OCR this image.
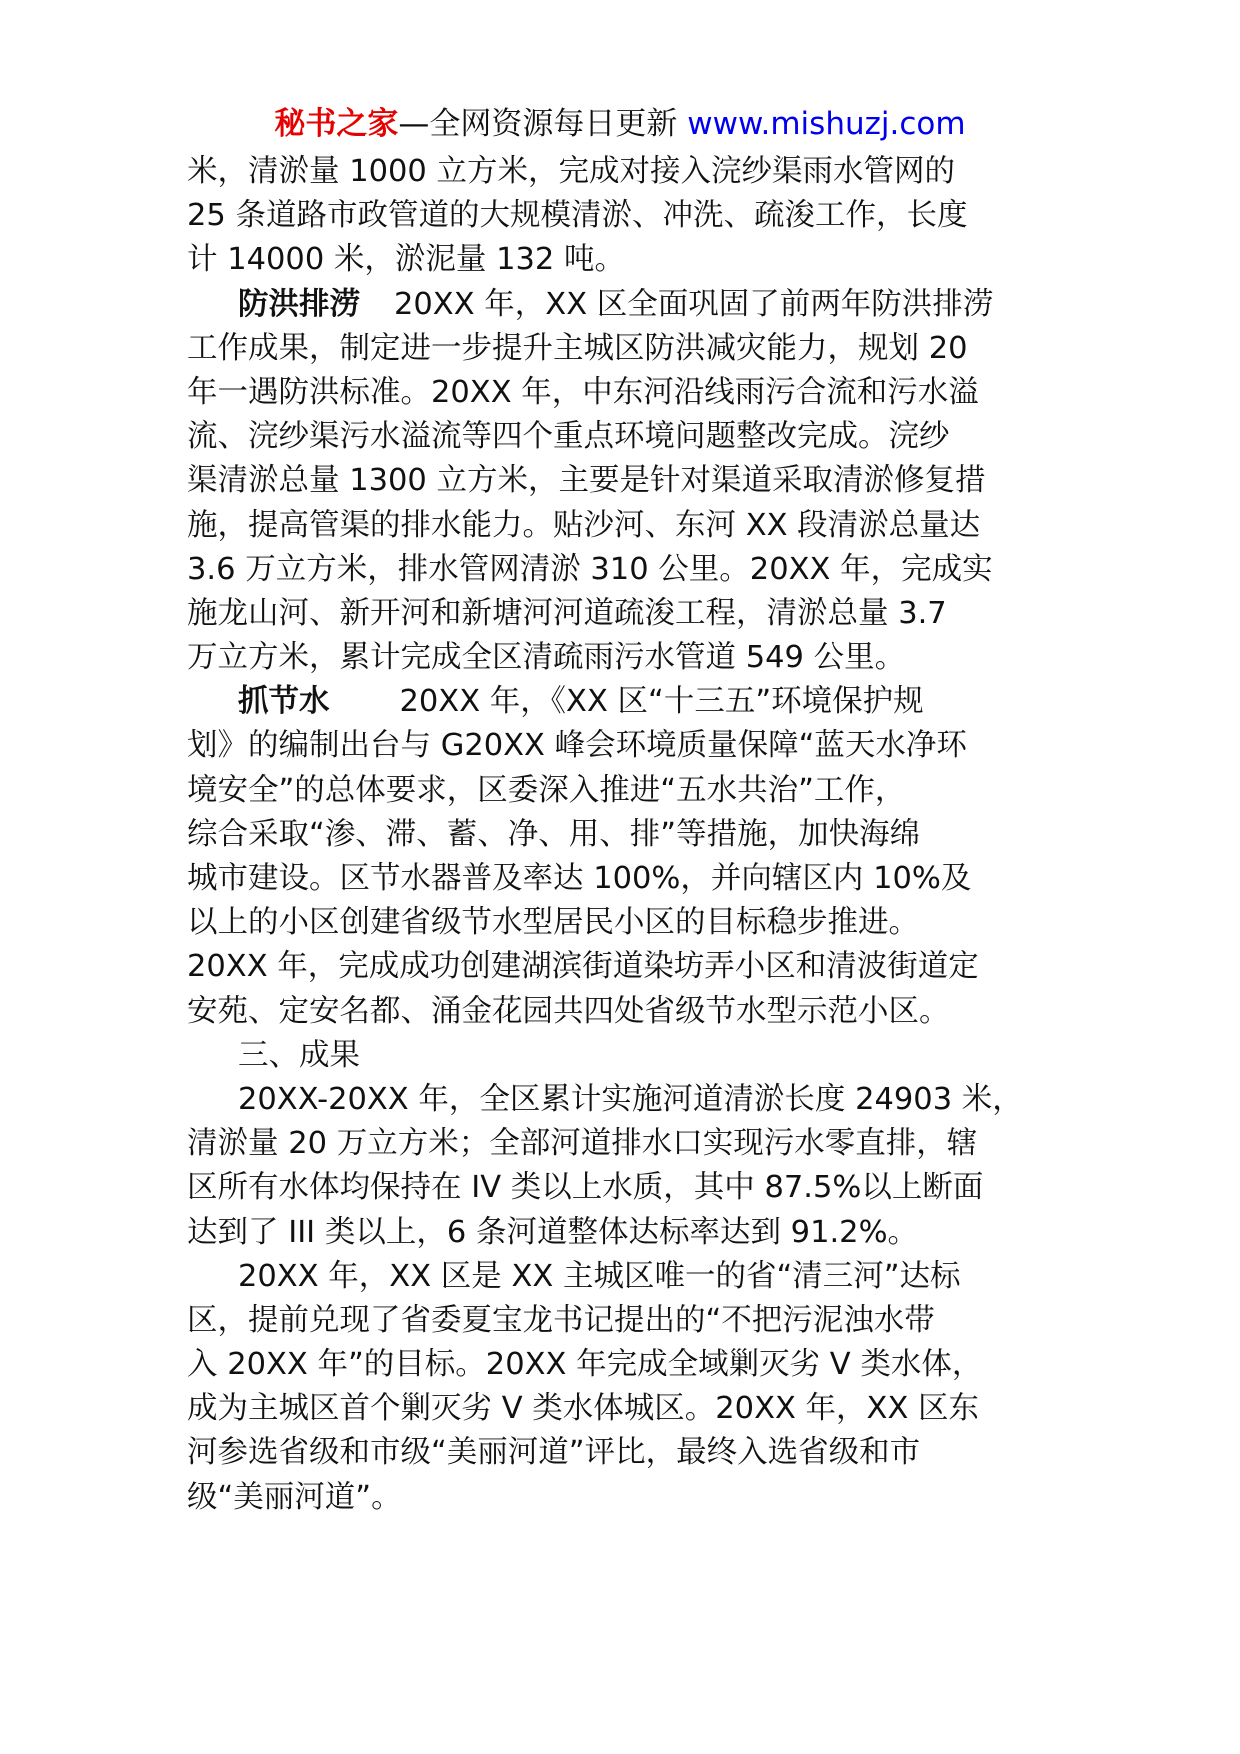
秘书之家—全网资源每日更新 www.mishuzj.com
米，清淤量 1000 立方米，完成对接入浣纱渠雨水管网的
25 条道路市政管道的大规模清淤、冲洗、疏浚工作，长度
计 14000 米，淤泥量 132 吨。
防洪排涝 20XX 年，XX 区全面巩固了前两年防洪排涝
工作成果，制定进一步提升主城区防洪减灾能力，规划 20
年一遇防洪标准。20XX 年，中东河沿线雨污合流和污水溢
流、浣纱渠污水溢流等四个重点环境问题整改完成。浣纱
渠清淤总量 1300 立方米，主要是针对渠道采取清淤修复措
施，提高管渠的排水能力。贴沙河、东河 XX 段清淤总量达
3.6 万立方米，排水管网清淤 310 公里。20XX 年，完成实
施龙山河、新开河和新塘河河道疏浚工程，清淤总量 3.7
万立方米，累计完成全区清疏雨污水管道 549 公里。
抓节水 20XX 年，《XX 区“十三五”环境保护规
划》的编制出台与 G20XX 峰会环境质量保障“蓝天水净环
境安全”的总体要求，区委深入推进“五水共治”工作，
综合采取“渗、滞、蓄、净、用、排”等措施，加快海绵
城市建设。区节水器普及率达 100%，并向辖区内 10%及
以上的小区创建省级节水型居民小区的目标稳步推进。
20XX 年，完成成功创建湖滨街道染坊弄小区和清波街道定
安苑、定安名都、涌金花园共四处省级节水型示范小区。
三、成果
20XX-20XX 年，全区累计实施河道清淤长度 24903 米，
清淤量 20 万立方米；全部河道排水口实现污水零直排，辖
区所有水体均保持在 IV 类以上水质，其中 87.5%以上断面
达到了 III 类以上，6 条河道整体达标率达到 91.2%。
20XX 年，XX 区是 XX 主城区唯一的省“清三河”达标
区，提前兑现了省委夏宝龙书记提出的“不把污泥浊水带
入 20XX 年”的目标。20XX 年完成全域剿灭劣 V 类水体，
成为主城区首个剿灭劣 V 类水体城区。20XX 年，XX 区东
河参选省级和市级“美丽河道”评比，最终入选省级和市
级“美丽河道”。
